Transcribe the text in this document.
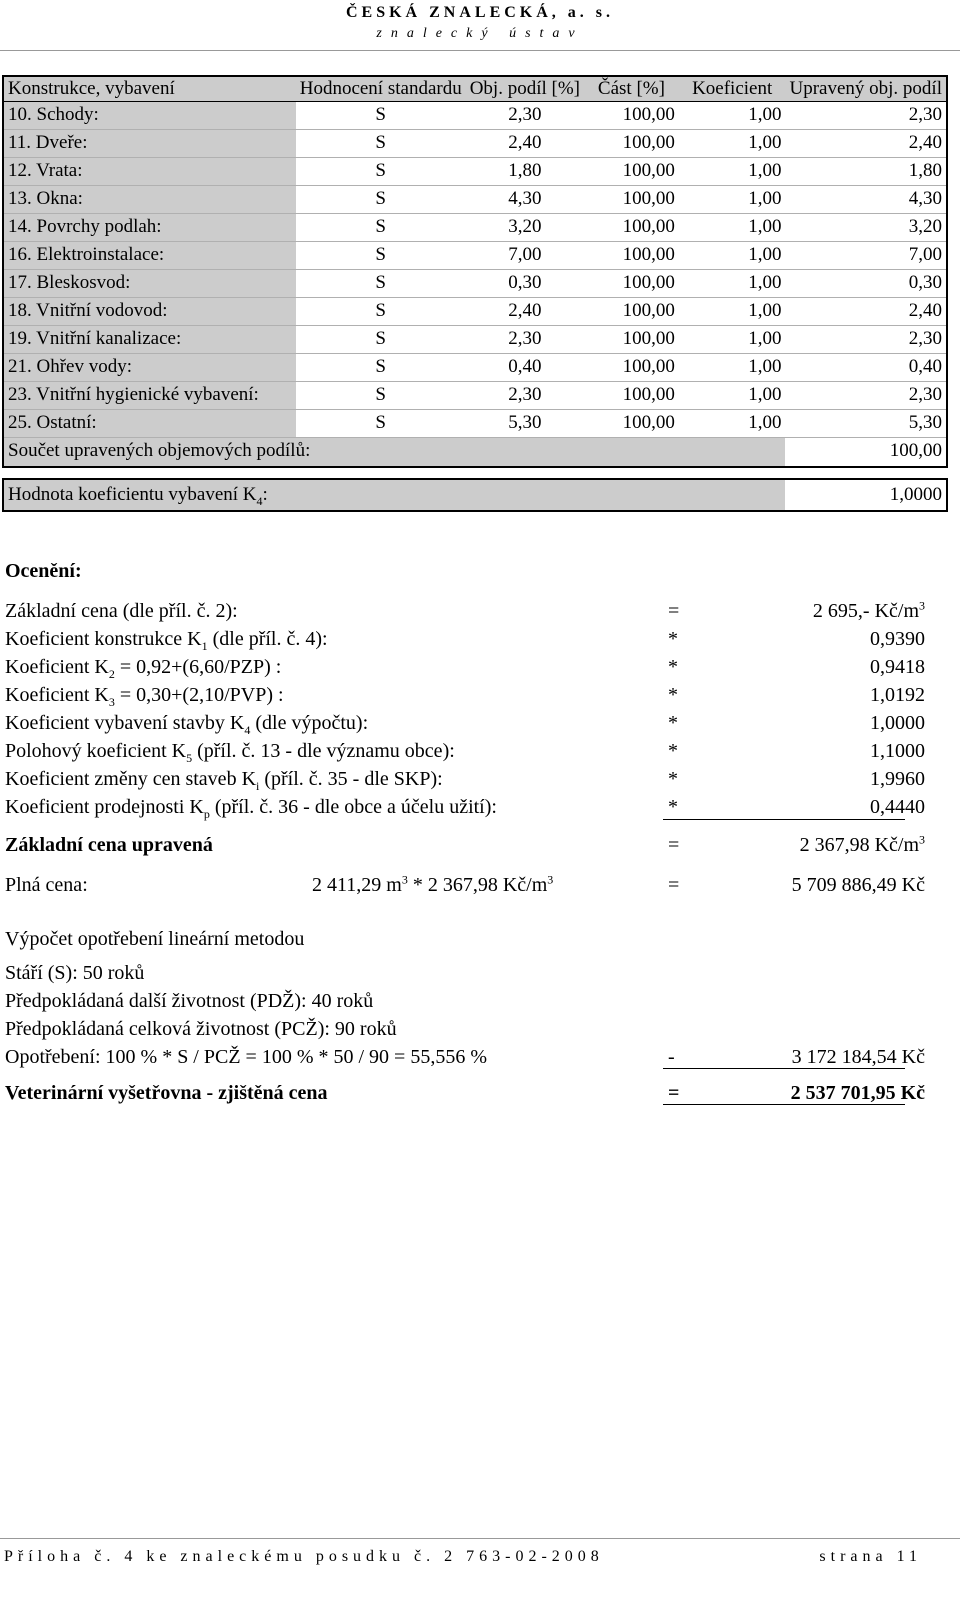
ČESKÁ ZNALECKÁ, a. s.
znalecký ústav
Konstrukce, vybavení	Hodnocení standardu	Obj. podíl [%]	Část [%]	Koeficient	Upravený obj. podíl
10. Schody:	S	2,30	100,00	1,00	2,30
11. Dveře:	S	2,40	100,00	1,00	2,40
12. Vrata:	S	1,80	100,00	1,00	1,80
13. Okna:	S	4,30	100,00	1,00	4,30
14. Povrchy podlah:	S	3,20	100,00	1,00	3,20
16. Elektroinstalace:	S	7,00	100,00	1,00	7,00
17. Bleskosvod:	S	0,30	100,00	1,00	0,30
18. Vnitřní vodovod:	S	2,40	100,00	1,00	2,40
19. Vnitřní kanalizace:	S	2,30	100,00	1,00	2,30
21. Ohřev vody:	S	0,40	100,00	1,00	0,40
23. Vnitřní hygienické vybavení:	S	2,30	100,00	1,00	2,30
25. Ostatní:	S	5,30	100,00	1,00	5,30
Součet upravených objemových podílů:					100,00

Hodnota koeficientu vybavení $K_4$:					1,0000
Ocenění:
Základní cena (dle příl. č. 2):	=	2 695,- $Kč/m^3$
Koeficient konstrukce $K_1$ (dle příl. č. 4):	*	0,9390
Koeficient $K_2 = 0,92+(6,60/PZP)$ :	*	0,9418
Koeficient $K_3 = 0,30+(2,10/PVP)$ :	*	1,0192
Koeficient vybavení stavby $K_4$ (dle výpočtu):	*	1,0000
Polohový koeficient $K_5$ (příl. č. 13 - dle významu obce):	*	1,1000
Koeficient změny cen staveb $K_i$ (příl. č. 35 - dle SKP):	*	1,9960
Koeficient prodejnosti $K_p$ (příl. č. 36 - dle obce a účelu užití):	*	0,4440
Základní cena upravená	=	2 367,98 $Kč/m^3$
Plná cena:	2 411,29 $m^3 * 2$ 367,98 $Kč/m^3$	=	5 709 886,49 Kč
Výpočet opotřebení lineární metodou
Stáří (S): 50 roků
Předpokládaná další životnost (PDŽ): 40 roků
Předpokládaná celková životnost (PCŽ): 90 roků
Opotřebení: 100 % * S / PCŽ = 100 % * 50 / 90 = 55,556 %	-	3 172 184,54 Kč
Veterinární vyšetřovna - zjištěná cena	=	2 537 701,95 Kč
Příloha č. 4 ke znaleckému posudku č. 2 763-02-2008	strana 11
